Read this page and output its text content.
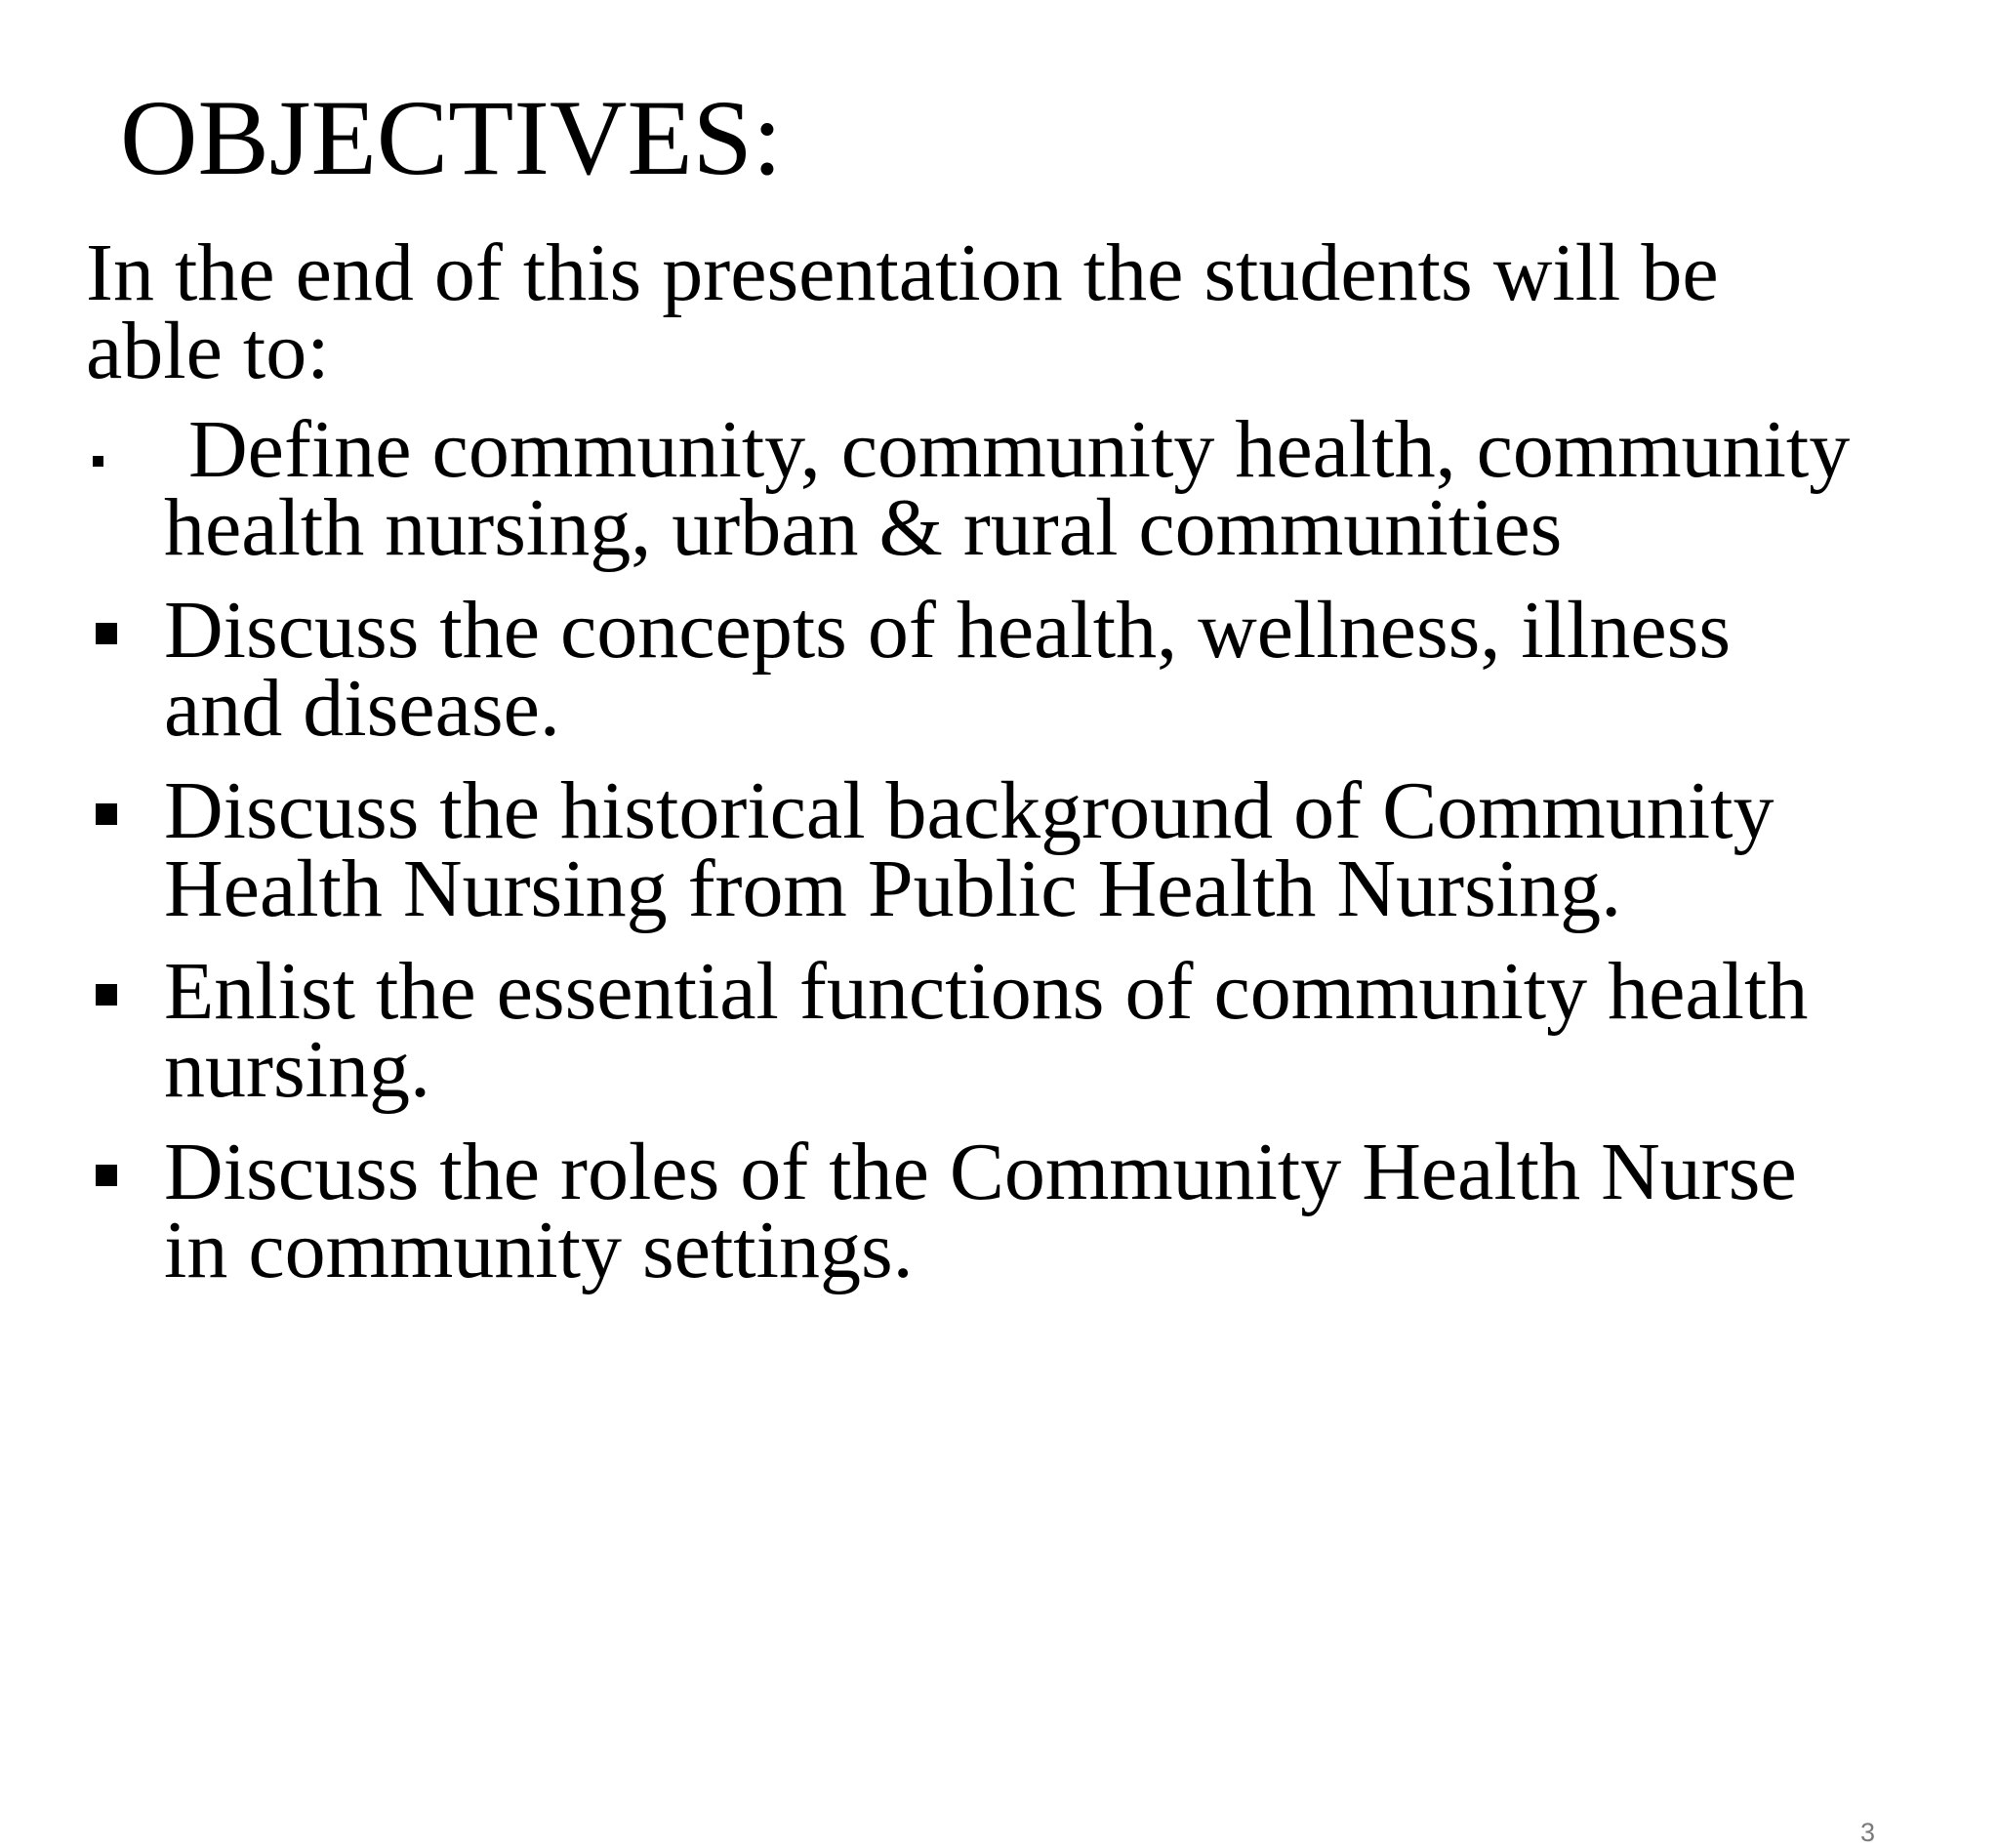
OBJECTIVES:

In the end of this presentation the students will be
able to:

Define community, community health, community
health nursing, urban & rural communities
Discuss the concepts of health, wellness, illness
and disease.
Discuss the historical background of Community
Health Nursing from Public Health Nursing.
Enlist the essential functions of community health
nursing.
Discuss the roles of the Community Health Nurse
in community settings.
3
